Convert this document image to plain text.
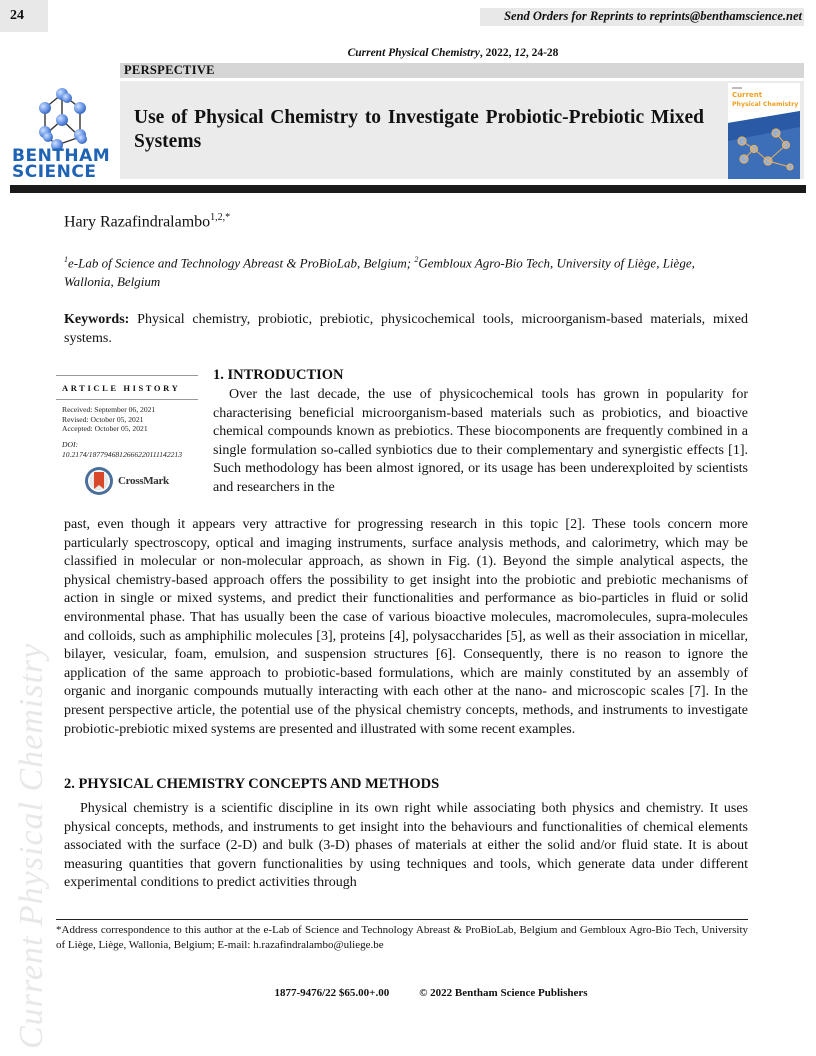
24	Send Orders for Reprints to reprints@benthamscience.net
Current Physical Chemistry, 2022, 12, 24-28
PERSPECTIVE
BENTHAM
SCIENCE
Use of Physical Chemistry to Investigate Probiotic-Prebiotic Mixed Systems
Current
Physical Chemistry
Hary Razafindralambo$^{1,2,*}$
$^1$e-Lab of Science and Technology Abreast & ProBioLab, Belgium; $^2$Gembloux Agro-Bio Tech, University of Liège, Liège, Wallonia, Belgium
Keywords: Physical chemistry, probiotic, prebiotic, physicochemical tools, microorganism-based materials, mixed systems.
ARTICLE HISTORY
Received: September 06, 2021
Revised: October 05, 2021
Accepted: October 05, 2021
DOI:
10.2174/1877946812666220111142213
CrossMark
1. INTRODUCTION
Over the last decade, the use of physicochemical tools has grown in popularity for characterising beneficial microorganism-based materials such as probiotics, and bioactive chemical compounds known as prebiotics. These biocomponents are frequently combined in a single formulation so-called synbiotics due to their complementary and synergistic effects [1]. Such methodology has been almost ignored, or its usage has been underexploited by scientists and researchers in the
past, even though it appears very attractive for progressing research in this topic [2]. These tools concern more particularly spectroscopy, optical and imaging instruments, surface analysis methods, and calorimetry, which may be classified in molecular or non-molecular approach, as shown in Fig. (1). Beyond the simple analytical aspects, the physical chemistry-based approach offers the possibility to get insight into the probiotic and prebiotic mechanisms of action in single or mixed systems, and predict their functionalities and performance as bio-particles in fluid or solid environmental phase. That has usually been the case of various bioactive molecules, macromolecules, supra-molecules and colloids, such as amphiphilic molecules [3], proteins [4], polysaccharides [5], as well as their association in micellar, bilayer, vesicular, foam, emulsion, and suspension structures [6]. Consequently, there is no reason to ignore the application of the same approach to probiotic-based formulations, which are mainly constituted by an assembly of organic and inorganic compounds mutually interacting with each other at the nano- and microscopic scales [7]. In the present perspective article, the potential use of the physical chemistry concepts, methods, and instruments to investigate probiotic-prebiotic mixed systems are presented and illustrated with some recent examples.
2. PHYSICAL CHEMISTRY CONCEPTS AND METHODS
Physical chemistry is a scientific discipline in its own right while associating both physics and chemistry. It uses physical concepts, methods, and instruments to get insight into the behaviours and functionalities of chemical elements associated with the surface (2-D) and bulk (3-D) phases of materials at either the solid and/or fluid state. It is about measuring quantities that govern functionalities by using techniques and tools, which generate data under different experimental conditions to predict activities through
Current Physical Chemistry *Address correspondence to this author at the e-Lab of Science and Technology Abreast & ProBioLab, Belgium and Gembloux Agro-Bio Tech, University of Liège, Liège, Wallonia, Belgium; E-mail: h.razafindralambo@uliege.be
1877-9476/22 $65.00+.00	© 2022 Bentham Science Publishers
